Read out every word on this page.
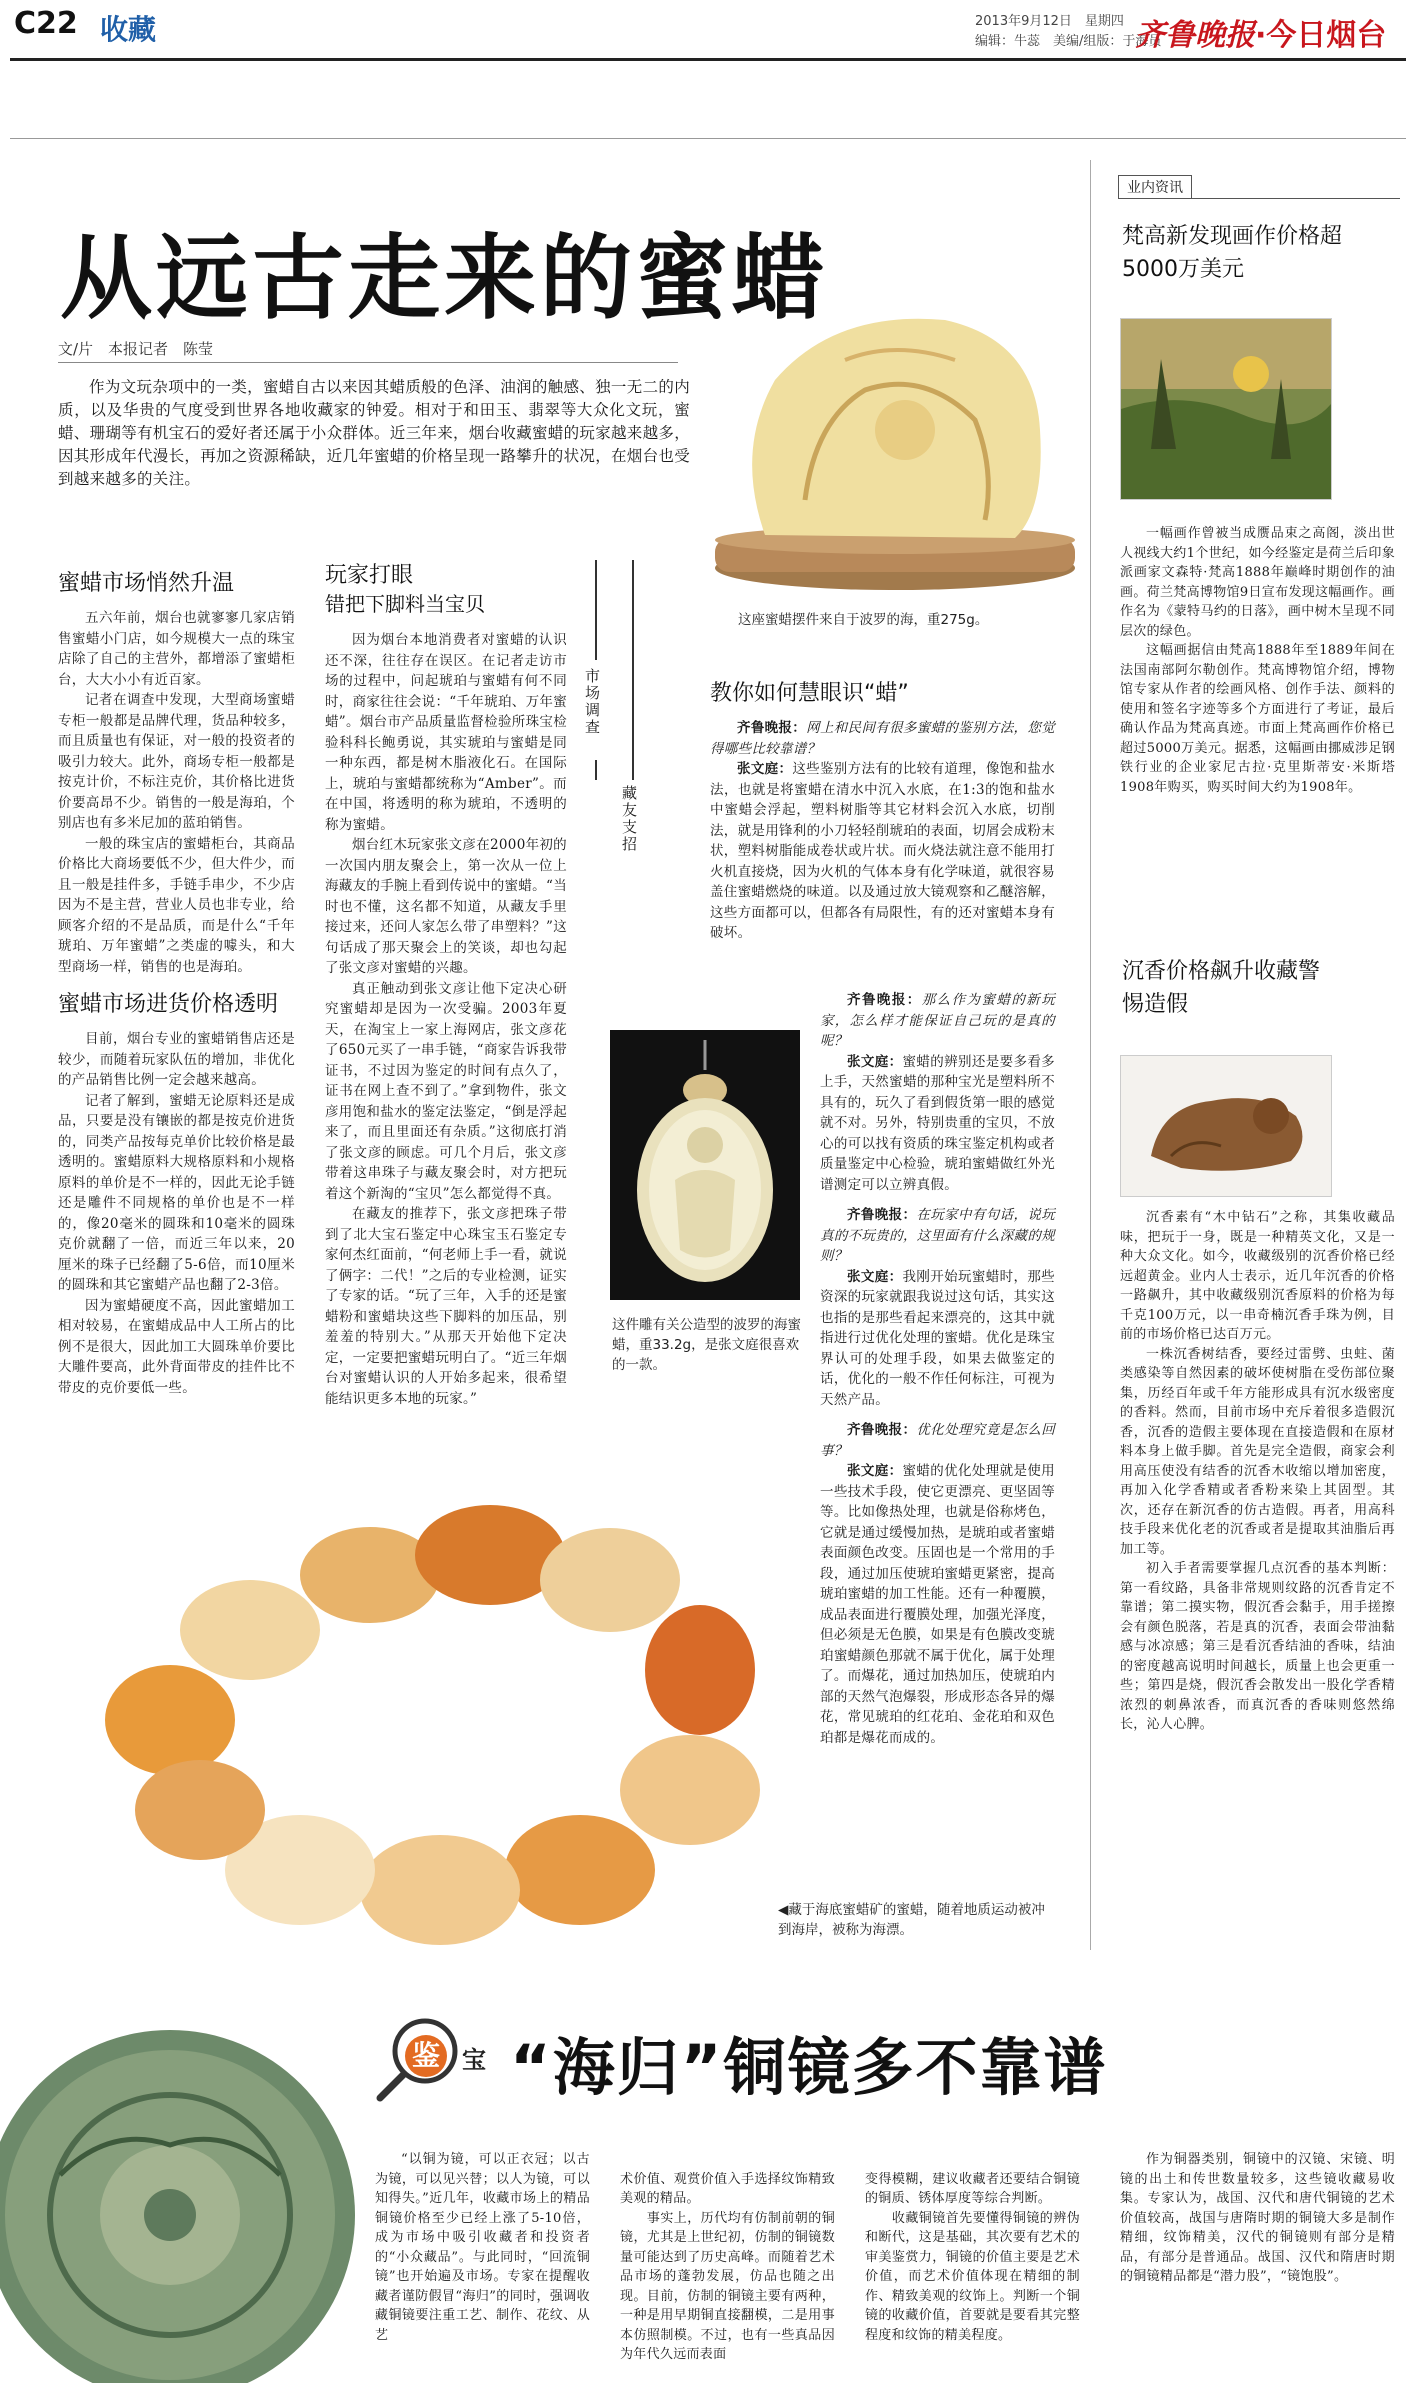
C22 收藏	2013年9月12日　星期四
编辑：牛蕊　美编/组版：于海员
齐鲁晚报·今日烟台
从远古走来的蜜蜡
文/片　本报记者　陈莹

作为文玩杂项中的一类，蜜蜡自古以来因其蜡质般的色泽、油润的触感、独一无二的内质，以及华贵的气度受到世界各地收藏家的钟爱。相对于和田玉、翡翠等大众化文玩，蜜蜡、珊瑚等有机宝石的爱好者还属于小众群体。近三年来，烟台收藏蜜蜡的玩家越来越多，因其形成年代漫长，再加之资源稀缺，近几年蜜蜡的价格呈现一路攀升的状况，在烟台也受到越来越多的关注。

这座蜜蜡摆件来自于波罗的海，重275g。
市场调查
藏友支招
蜜蜡市场悄然升温

五六年前，烟台也就寥寥几家店销售蜜蜡小门店，如今规模大一点的珠宝店除了自己的主营外，都增添了蜜蜡柜台，大大小小有近百家。

记者在调查中发现，大型商场蜜蜡专柜一般都是品牌代理，货品种较多，而且质量也有保证，对一般的投资者的吸引力较大。此外，商场专柜一般都是按克计价，不标注克价，其价格比进货价要高昂不少。销售的一般是海珀，个别店也有多米尼加的蓝珀销售。

一般的珠宝店的蜜蜡柜台，其商品价格比大商场要低不少，但大件少，而且一般是挂件多，手链手串少，不少店因为不是主营，营业人员也非专业，给顾客介绍的不是品质，而是什么“千年琥珀、万年蜜蜡”之类虚的噱头，和大型商场一样，销售的也是海珀。

蜜蜡市场进货价格透明

目前，烟台专业的蜜蜡销售店还是较少，而随着玩家队伍的增加，非优化的产品销售比例一定会越来越高。

记者了解到，蜜蜡无论原料还是成品，只要是没有镶嵌的都是按克价进货的，同类产品按每克单价比较价格是最透明的。蜜蜡原料大规格原料和小规格原料的单价是不一样的，因此无论手链还是雕件不同规格的单价也是不一样的，像20毫米的圆珠和10毫米的圆珠克价就翻了一倍，而近三年以来，20厘米的珠子已经翻了5-6倍，而10厘米的圆珠和其它蜜蜡产品也翻了2-3倍。

因为蜜蜡硬度不高，因此蜜蜡加工相对较易，在蜜蜡成品中人工所占的比例不是很大，因此加工大圆珠单价要比大雕件要高，此外背面带皮的挂件比不带皮的克价要低一些。

玩家打眼
错把下脚料当宝贝

因为烟台本地消费者对蜜蜡的认识还不深，往往存在误区。在记者走访市场的过程中，问起琥珀与蜜蜡有何不同时，商家往往会说：“千年琥珀、万年蜜蜡”。烟台市产品质量监督检验所珠宝检验科科长鲍勇说，其实琥珀与蜜蜡是同一种东西，都是树木脂液化石。在国际上，琥珀与蜜蜡都统称为“Amber”。而在中国，将透明的称为琥珀，不透明的称为蜜蜡。

烟台红木玩家张文彦在2000年初的一次国内朋友聚会上，第一次从一位上海藏友的手腕上看到传说中的蜜蜡。“当时也不懂，这名都不知道，从藏友手里接过来，还问人家怎么带了串塑料？”这句话成了那天聚会上的笑谈，却也勾起了张文彦对蜜蜡的兴趣。

真正触动到张文彦让他下定决心研究蜜蜡却是因为一次受骗。2003年夏天，在淘宝上一家上海网店，张文彦花了650元买了一串手链，“商家告诉我带证书，不过因为鉴定的时间有点久了，证书在网上查不到了。”拿到物件，张文彦用饱和盐水的鉴定法鉴定，“倒是浮起来了，而且里面还有杂质。”这彻底打消了张文彦的顾虑。可几个月后，张文彦带着这串珠子与藏友聚会时，对方把玩着这个新淘的“宝贝”怎么都觉得不真。

在藏友的推荐下，张文彦把珠子带到了北大宝石鉴定中心珠宝玉石鉴定专家何杰红面前，“何老师上手一看，就说了俩字：二代！”之后的专业检测，证实了专家的话。“玩了三年，入手的还是蜜蜡粉和蜜蜡块这些下脚料的加压品，别羞羞的特别大。”从那天开始他下定决定，一定要把蜜蜡玩明白了。“近三年烟台对蜜蜡认识的人开始多起来，很希望能结识更多本地的玩家。”

教你如何慧眼识“蜡”

齐鲁晚报：网上和民间有很多蜜蜡的鉴别方法，您觉得哪些比较靠谱？

张文庭：这些鉴别方法有的比较有道理，像饱和盐水法，也就是将蜜蜡在清水中沉入水底，在1:3的饱和盐水中蜜蜡会浮起，塑料树脂等其它材料会沉入水底，切削法，就是用锋利的小刀轻轻削琥珀的表面，切屑会成粉末状，塑料树脂能成卷状或片状。而火烧法就注意不能用打火机直接烧，因为火机的气体本身有化学味道，就很容易盖住蜜蜡燃烧的味道。以及通过放大镜观察和乙醚溶解，这些方面都可以，但都各有局限性，有的还对蜜蜡本身有破坏。

这件雕有关公造型的波罗的海蜜蜡，重33.2g，是张文庭很喜欢的一款。

齐鲁晚报：那么作为蜜蜡的新玩家，怎么样才能保证自己玩的是真的呢？

张文庭：蜜蜡的辨别还是要多看多上手，天然蜜蜡的那种宝光是塑料所不具有的，玩久了看到假货第一眼的感觉就不对。另外，特别贵重的宝贝，不放心的可以找有资质的珠宝鉴定机构或者质量鉴定中心检验，琥珀蜜蜡做红外光谱测定可以立辨真假。

齐鲁晚报：在玩家中有句话，说玩真的不玩贵的，这里面有什么深藏的规则？

张文庭：我刚开始玩蜜蜡时，那些资深的玩家就跟我说过这句话，其实这也指的是那些看起来漂亮的，这其中就指进行过优化处理的蜜蜡。优化是珠宝界认可的处理手段，如果去做鉴定的话，优化的一般不作任何标注，可视为天然产品。

齐鲁晚报：优化处理究竟是怎么回事？

张文庭：蜜蜡的优化处理就是使用一些技术手段，使它更漂亮、更坚固等等。比如像热处理，也就是俗称烤色，它就是通过缓慢加热，是琥珀或者蜜蜡表面颜色改变。压固也是一个常用的手段，通过加压使琥珀蜜蜡更紧密，提高琥珀蜜蜡的加工性能。还有一种覆膜，成品表面进行覆膜处理，加强光泽度，但必须是无色膜，如果是有色膜改变琥珀蜜蜡颜色那就不属于优化，属于处理了。而爆花，通过加热加压，使琥珀内部的天然气泡爆裂，形成形态各异的爆花，常见琥珀的红花珀、金花珀和双色珀都是爆花而成的。

◀藏于海底蜜蜡矿的蜜蜡，随着地质运动被冲到海岸，被称为海漂。
业内资讯
梵高新发现画作价格超5000万美元

一幅画作曾被当成赝品束之高阁，淡出世人视线大约1个世纪，如今经鉴定是荷兰后印象派画家文森特·梵高1888年巅峰时期创作的油画。荷兰梵高博物馆9日宣布发现这幅画作。画作名为《蒙特马约的日落》，画中树木呈现不同层次的绿色。

这幅画据信由梵高1888年至1889年间在法国南部阿尔勒创作。梵高博物馆介绍，博物馆专家从作者的绘画风格、创作手法、颜料的使用和签名字迹等多个方面进行了考证，最后确认作品为梵高真迹。市面上梵高画作价格已超过5000万美元。据悉，这幅画由挪威涉足钢铁行业的企业家尼古拉·克里斯蒂安·米斯塔1908年购买，购买时间大约为1908年。

沉香价格飙升收藏警惕造假

沉香素有“木中钻石”之称，其集收藏品味，把玩于一身，既是一种精英文化，又是一种大众文化。如今，收藏级别的沉香价格已经远超黄金。业内人士表示，近几年沉香的价格一路飙升，其中收藏级别沉香原料的价格为每千克100万元，以一串奇楠沉香手珠为例，目前的市场价格已达百万元。

一株沉香树结香，要经过雷劈、虫蛀、菌类感染等自然因素的破坏使树脂在受伤部位聚集，历经百年或千年方能形成具有沉水级密度的香料。然而，目前市场中充斥着很多造假沉香，沉香的造假主要体现在直接造假和在原材料本身上做手脚。首先是完全造假，商家会利用高压使没有结香的沉香木收缩以增加密度，再加入化学香精或者香粉来染上其固型。其次，还存在新沉香的仿古造假。再者，用高科技手段来优化老的沉香或者是提取其油脂后再加工等。

初入手者需要掌握几点沉香的基本判断：第一看纹路，具备非常规则纹路的沉香肯定不靠谱；第二摸实物，假沉香会黏手，用手搓擦会有颜色脱落，若是真的沉香，表面会带油黏感与冰凉感；第三是看沉香结油的香味，结油的密度越高说明时间越长，质量上也会更重一些；第四是烧，假沉香会散发出一股化学香精浓烈的刺鼻浓香，而真沉香的香味则悠然绵长，沁人心脾。

鉴 宝 “海归”铜镜多不靠谱

“以铜为镜，可以正衣冠；以古为镜，可以见兴替；以人为镜，可以知得失。”近几年，收藏市场上的精品铜镜价格至少已经上涨了5-10倍，成为市场中吸引收藏者和投资者的“小众藏品”。与此同时，“回流铜镜”也开始遍及市场。专家在提醒收藏者谨防假冒“海归”的同时，强调收藏铜镜要注重工艺、制作、花纹、从艺

术价值、观赏价值入手选择纹饰精致美观的精品。
　　事实上，历代均有仿制前朝的铜镜，尤其是上世纪初，仿制的铜镜数量可能达到了历史高峰。而随着艺术品市场的蓬勃发展，仿品也随之出现。目前，仿制的铜镜主要有两种，一种是用早期铜直接翻模，二是用事本仿照制模。不过，也有一些真品因为年代久远而表面

变得模糊，建议收藏者还要结合铜镜的铜质、锈体厚度等综合判断。
　　收藏铜镜首先要懂得铜镜的辨伪和断代，这是基础，其次要有艺术的审美鉴赏力，铜镜的价值主要是艺术价值，而艺术价值体现在精细的制作、精致美观的纹饰上。判断一个铜镜的收藏价值，首要就是要看其完整程度和纹饰的精美程度。

作为铜器类别，铜镜中的汉镜、宋镜、明镜的出土和传世数量较多，这些镜收藏易收集。专家认为，战国、汉代和唐代铜镜的艺术价值较高，战国与唐隋时期的铜镜大多是制作精细，纹饰精美，汉代的铜镜则有部分是精品，有部分是普通品。战国、汉代和隋唐时期的铜镜精品都是“潜力股”，“镜饱股”。
